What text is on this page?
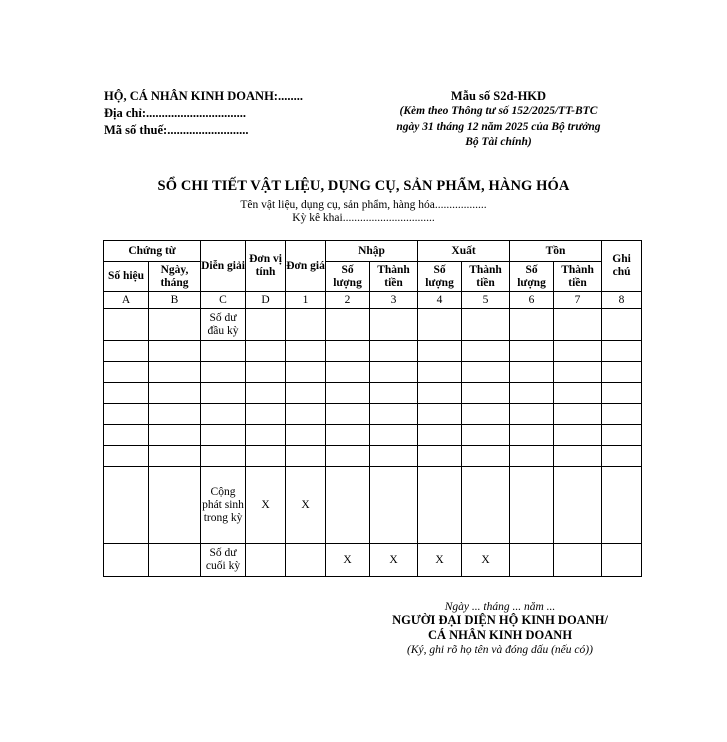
HỘ, CÁ NHÂN KINH DOANH:........
Địa chỉ:................................
Mã số thuế:..........................
Mẫu số S2đ-HKD
(Kèm theo Thông tư số 152/2025/TT-BTC
ngày 31 tháng 12 năm 2025 của Bộ trưởng
Bộ Tài chính)
SỔ CHI TIẾT VẬT LIỆU, DỤNG CỤ, SẢN PHẨM, HÀNG HÓA
Tên vật liệu, dụng cụ, sản phẩm, hàng hóa..................
Kỳ kê khai................................
Chứng từ		Diễn giải	Đơn vị tính	Đơn giá	Nhập		Xuất		Tồn		Ghi chú
Số hiệu	Ngày, tháng				Số lượng	Thành tiền	Số lượng	Thành tiền	Số lượng	Thành tiền	
A	B	C	D	1	2	3	4	5	6	7	8
		Số dư đầu kỳ									

		Cộng phát sinh trong kỳ	X	X							
		Số dư cuối kỳ			X	X	X	X			
Ngày ... tháng ... năm ...
NGƯỜI ĐẠI DIỆN HỘ KINH DOANH/
CÁ NHÂN KINH DOANH
(Ký, ghi rõ họ tên và đóng dấu (nếu có))
